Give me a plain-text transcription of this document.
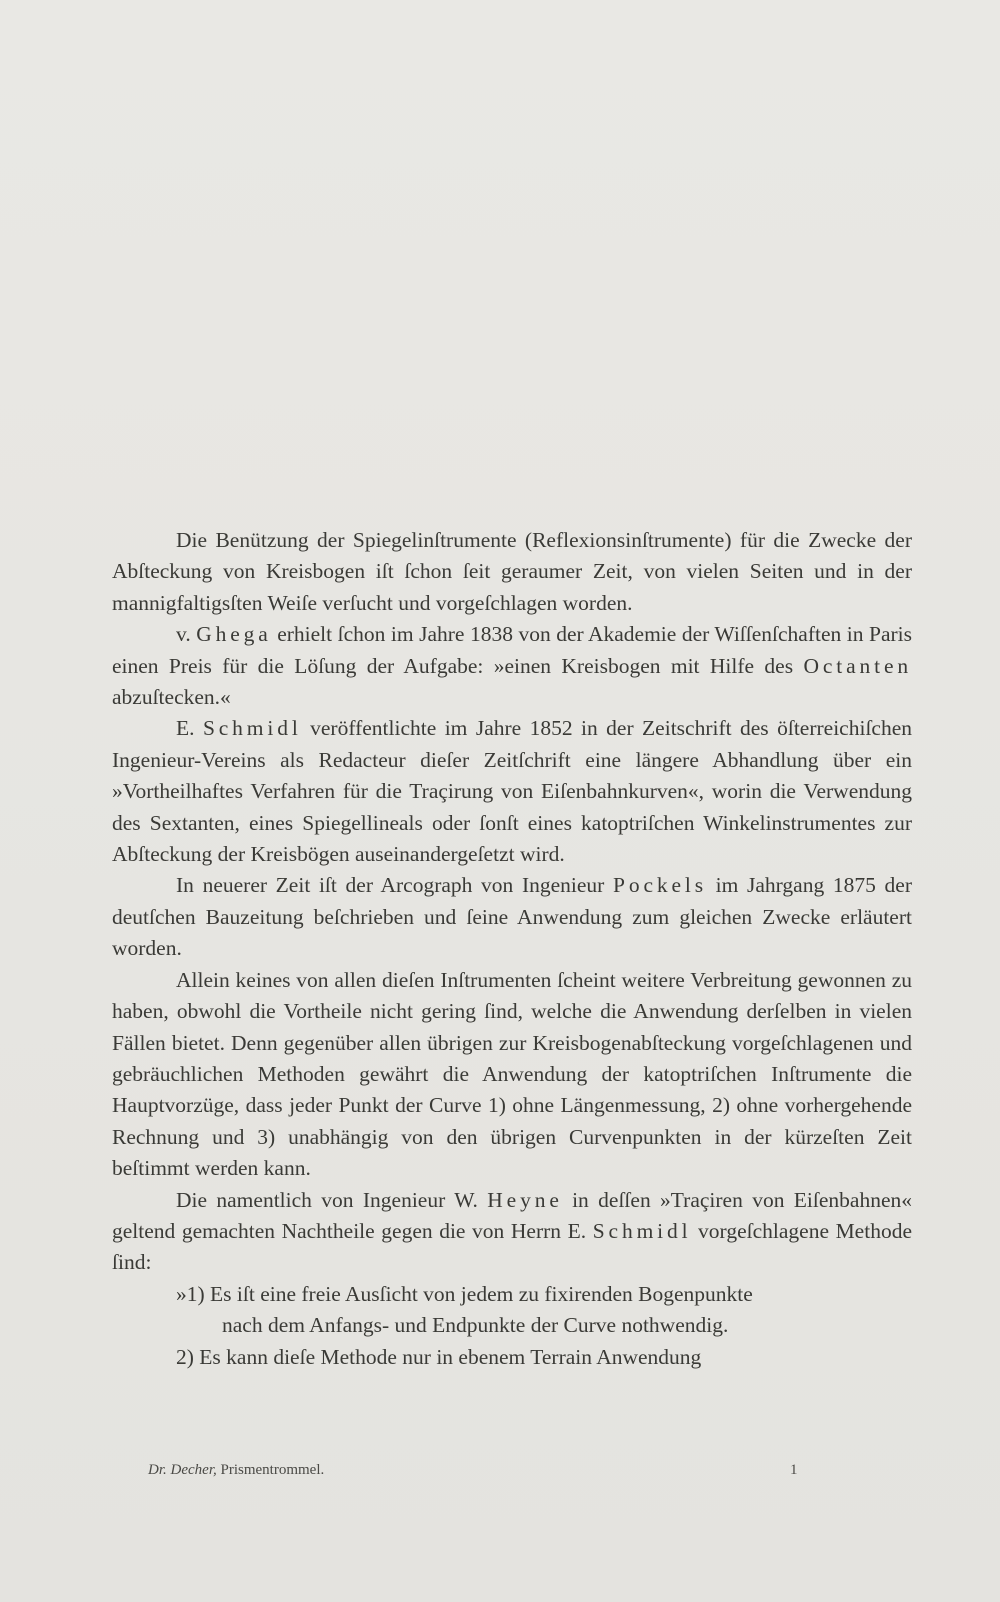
Die Benützung der Spiegelinſtrumente (Reflexionsinſtrumente) für die Zwecke der Abſteckung von Kreisbogen iſt ſchon ſeit geraumer Zeit, von vielen Seiten und in der mannigfaltigsſten Weiſe verſucht und vorgeſchlagen worden.

v. Ghega erhielt ſchon im Jahre 1838 von der Akademie der Wiſſenſchaften in Paris einen Preis für die Löſung der Aufgabe: »einen Kreisbogen mit Hilfe des Octanten abzuſtecken.«

E. Schmidl veröffentlichte im Jahre 1852 in der Zeitschrift des öſterreichiſchen Ingenieur-Vereins als Redacteur dieſer Zeitſchrift eine längere Abhandlung über ein »Vortheilhaftes Verfahren für die Traçirung von Eiſenbahnkurven«, worin die Verwendung des Sextanten, eines Spiegellineals oder ſonſt eines katoptriſchen Winkelinstrumentes zur Abſteckung der Kreisbögen auseinandergeſetzt wird.

In neuerer Zeit iſt der Arcograph von Ingenieur Pockels im Jahrgang 1875 der deutſchen Bauzeitung beſchrieben und ſeine Anwendung zum gleichen Zwecke erläutert worden.

Allein keines von allen dieſen Inſtrumenten ſcheint weitere Verbreitung gewonnen zu haben, obwohl die Vortheile nicht gering ſind, welche die Anwendung derſelben in vielen Fällen bietet. Denn gegenüber allen übrigen zur Kreisbogenabſteckung vorgeſchlagenen und gebräuchlichen Methoden gewährt die Anwendung der katoptriſchen Inſtrumente die Hauptvorzüge, dass jeder Punkt der Curve 1) ohne Längenmessung, 2) ohne vorhergehende Rechnung und 3) unabhängig von den übrigen Curvenpunkten in der kürzeſten Zeit beſtimmt werden kann.

Die namentlich von Ingenieur W. Heyne in deſſen »Traçiren von Eiſenbahnen« geltend gemachten Nachtheile gegen die von Herrn E. Schmidl vorgeſchlagene Methode ſind:

»1) Es iſt eine freie Ausſicht von jedem zu fixirenden Bogenpunkte
nach dem Anfangs- und Endpunkte der Curve nothwendig.

2) Es kann dieſe Methode nur in ebenem Terrain Anwendung

Dr. Decher, Prismentrommel.	1
